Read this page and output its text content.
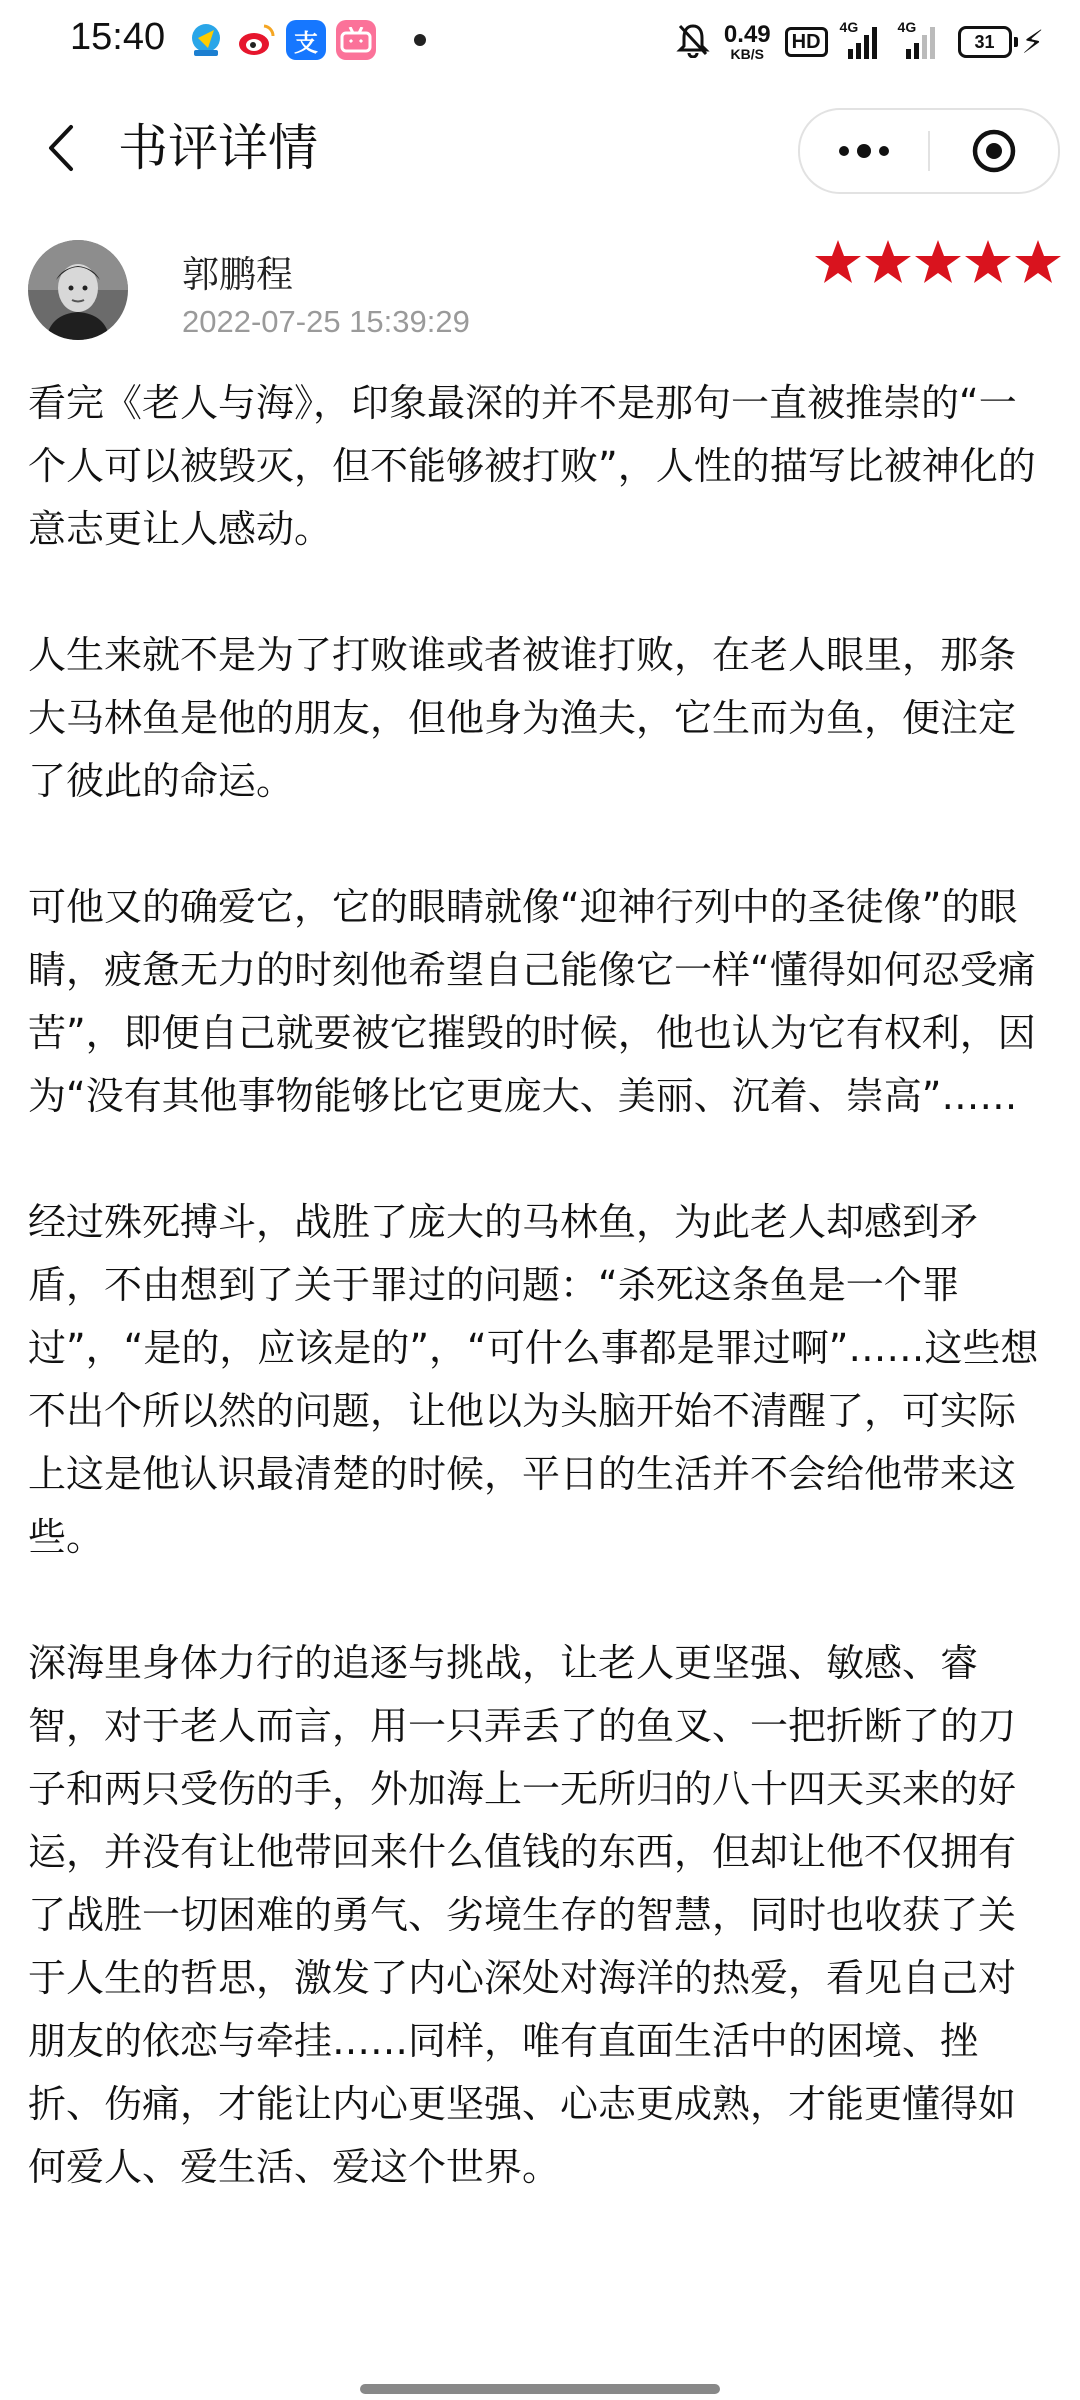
15:40	支	0.49
KB/S
HD
4G	4G
31 ⚡
书评详情
郭鹏程
2022-07-25 15:39:29

看完《老人与海》，印象最深的并不是那句一直被推崇的“一个人可以被毁灭，但不能够被打败”，人性的描写比被神化的意志更让人感动。

人生来就不是为了打败谁或者被谁打败，在老人眼里，那条大马林鱼是他的朋友，但他身为渔夫，它生而为鱼，便注定了彼此的命运。

可他又的确爱它，它的眼睛就像“迎神行列中的圣徒像”的眼睛，疲惫无力的时刻他希望自己能像它一样“懂得如何忍受痛苦”，即便自己就要被它摧毁的时候，他也认为它有权利，因为“没有其他事物能够比它更庞大、美丽、沉着、崇高”……

经过殊死搏斗，战胜了庞大的马林鱼，为此老人却感到矛盾，不由想到了关于罪过的问题：“杀死这条鱼是一个罪过”，“是的，应该是的”，“可什么事都是罪过啊”……这些想不出个所以然的问题，让他以为头脑开始不清醒了，可实际上这是他认识最清楚的时候，平日的生活并不会给他带来这些。

深海里身体力行的追逐与挑战，让老人更坚强、敏感、睿智，对于老人而言，用一只弄丢了的鱼叉、一把折断了的刀子和两只受伤的手，外加海上一无所归的八十四天买来的好运，并没有让他带回来什么值钱的东西，但却让他不仅拥有了战胜一切困难的勇气、劣境生存的智慧，同时也收获了关于人生的哲思，激发了内心深处对海洋的热爱，看见自己对朋友的依恋与牵挂……同样，唯有直面生活中的困境、挫折、伤痛，才能让内心更坚强、心志更成熟，才能更懂得如何爱人、爱生活、爱这个世界。
